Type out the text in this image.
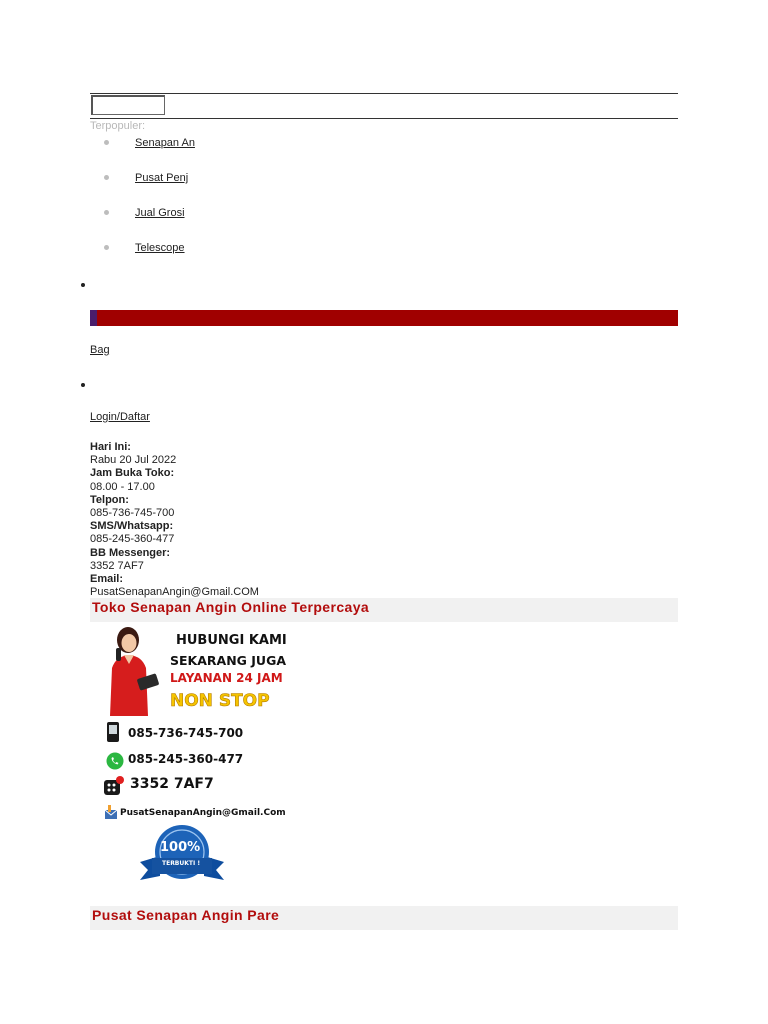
Terpopuler:
Senapan An
Pusat Penj
Jual Grosi
Telescope
Bag
Login/Daftar
Hari Ini:
Rabu 20 Jul 2022
Jam Buka Toko:
08.00 - 17.00
Telpon:
085-736-745-700
SMS/Whatsapp:
085-245-360-477
BB Messenger:
3352 7AF7
Email:
PusatSenapanAngin@Gmail.COM
Toko Senapan Angin Online Terpercaya
HUBUNGI KAMI
SEKARANG JUGA
LAYANAN 24 JAM
NON STOP
085-736-745-700
085-245-360-477
3352 7AF7
PusatSenapanAngin@Gmail.Com
100%
TERBUKTI !
Pusat Senapan Angin Pare
